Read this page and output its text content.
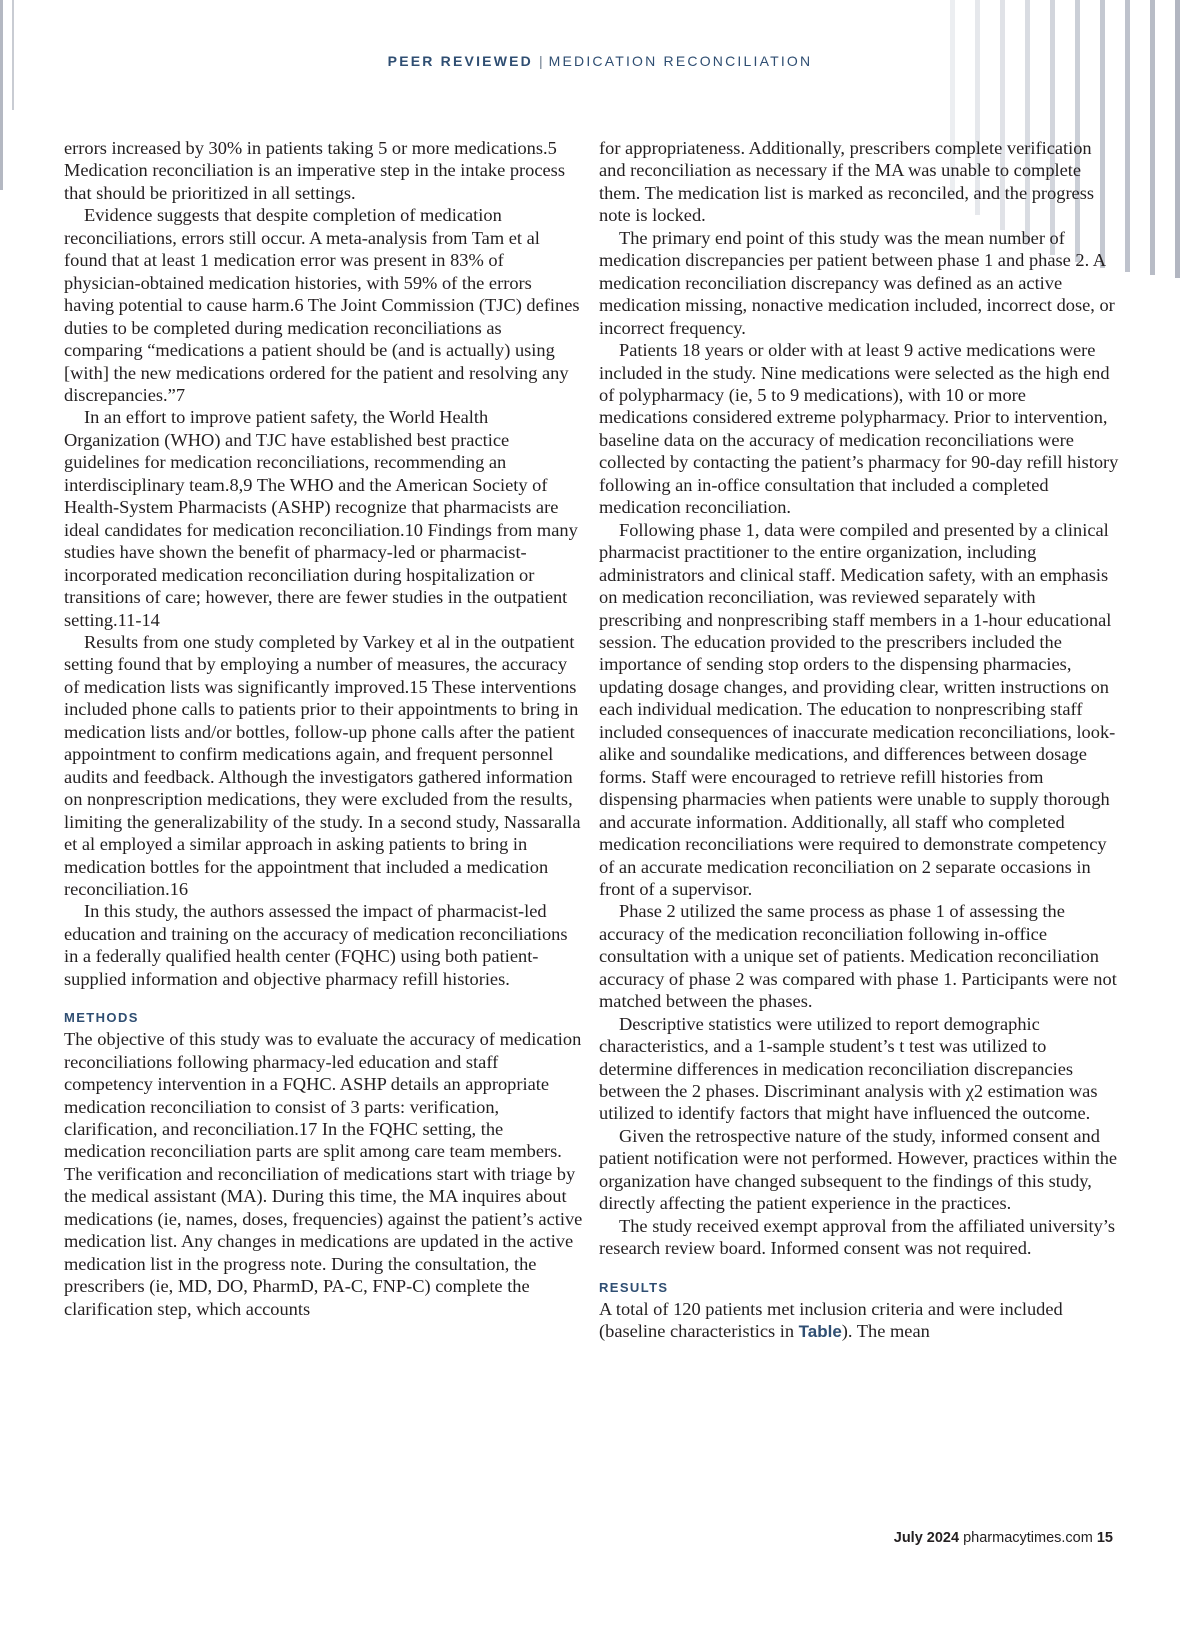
PEER REVIEWED | MEDICATION RECONCILIATION

errors increased by 30% in patients taking 5 or more medications.5 Medication reconciliation is an imperative step in the intake process that should be prioritized in all settings.

Evidence suggests that despite completion of medication reconciliations, errors still occur. A meta-analysis from Tam et al found that at least 1 medication error was present in 83% of physician-obtained medication histories, with 59% of the errors having potential to cause harm.6 The Joint Commission (TJC) defines duties to be completed during medication reconciliations as comparing “medications a patient should be (and is actually) using [with] the new medications ordered for the patient and resolving any discrepancies.”7

In an effort to improve patient safety, the World Health Organization (WHO) and TJC have established best practice guidelines for medication reconciliations, recommending an interdisciplinary team.8,9 The WHO and the American Society of Health-System Pharmacists (ASHP) recognize that pharmacists are ideal candidates for medication reconciliation.10 Findings from many studies have shown the benefit of pharmacy-led or pharmacist-incorporated medication reconciliation during hospitalization or transitions of care; however, there are fewer studies in the outpatient setting.11-14

Results from one study completed by Varkey et al in the outpatient setting found that by employing a number of measures, the accuracy of medication lists was significantly improved.15 These interventions included phone calls to patients prior to their appointments to bring in medication lists and/or bottles, follow-up phone calls after the patient appointment to confirm medications again, and frequent personnel audits and feedback. Although the investigators gathered information on nonprescription medications, they were excluded from the results, limiting the generalizability of the study. In a second study, Nassaralla et al employed a similar approach in asking patients to bring in medication bottles for the appointment that included a medication reconciliation.16

In this study, the authors assessed the impact of pharmacist-led education and training on the accuracy of medication reconciliations in a federally qualified health center (FQHC) using both patient-supplied information and objective pharmacy refill histories.

METHODS

The objective of this study was to evaluate the accuracy of medication reconciliations following pharmacy-led education and staff competency intervention in a FQHC. ASHP details an appropriate medication reconciliation to consist of 3 parts: verification, clarification, and reconciliation.17 In the FQHC setting, the medication reconciliation parts are split among care team members. The verification and reconciliation of medications start with triage by the medical assistant (MA). During this time, the MA inquires about medications (ie, names, doses, frequencies) against the patient’s active medication list. Any changes in medications are updated in the active medication list in the progress note. During the consultation, the prescribers (ie, MD, DO, PharmD, PA-C, FNP-C) complete the clarification step, which accounts

for appropriateness. Additionally, prescribers complete verification and reconciliation as necessary if the MA was unable to complete them. The medication list is marked as reconciled, and the progress note is locked.

The primary end point of this study was the mean number of medication discrepancies per patient between phase 1 and phase 2. A medication reconciliation discrepancy was defined as an active medication missing, nonactive medication included, incorrect dose, or incorrect frequency.

Patients 18 years or older with at least 9 active medications were included in the study. Nine medications were selected as the high end of polypharmacy (ie, 5 to 9 medications), with 10 or more medications considered extreme polypharmacy. Prior to intervention, baseline data on the accuracy of medication reconciliations were collected by contacting the patient’s pharmacy for 90-day refill history following an in-office consultation that included a completed medication reconciliation.

Following phase 1, data were compiled and presented by a clinical pharmacist practitioner to the entire organization, including administrators and clinical staff. Medication safety, with an emphasis on medication reconciliation, was reviewed separately with prescribing and nonprescribing staff members in a 1-hour educational session. The education provided to the prescribers included the importance of sending stop orders to the dispensing pharmacies, updating dosage changes, and providing clear, written instructions on each individual medication. The education to nonprescribing staff included consequences of inaccurate medication reconciliations, look-alike and soundalike medications, and differences between dosage forms. Staff were encouraged to retrieve refill histories from dispensing pharmacies when patients were unable to supply thorough and accurate information. Additionally, all staff who completed medication reconciliations were required to demonstrate competency of an accurate medication reconciliation on 2 separate occasions in front of a supervisor.

Phase 2 utilized the same process as phase 1 of assessing the accuracy of the medication reconciliation following in-office consultation with a unique set of patients. Medication reconciliation accuracy of phase 2 was compared with phase 1. Participants were not matched between the phases.

Descriptive statistics were utilized to report demographic characteristics, and a 1-sample student’s t test was utilized to determine differences in medication reconciliation discrepancies between the 2 phases. Discriminant analysis with χ2 estimation was utilized to identify factors that might have influenced the outcome.

Given the retrospective nature of the study, informed consent and patient notification were not performed. However, practices within the organization have changed subsequent to the findings of this study, directly affecting the patient experience in the practices.

The study received exempt approval from the affiliated university’s research review board. Informed consent was not required.

RESULTS

A total of 120 patients met inclusion criteria and were included (baseline characteristics in Table). The mean

July 2024 pharmacytimes.com 15
